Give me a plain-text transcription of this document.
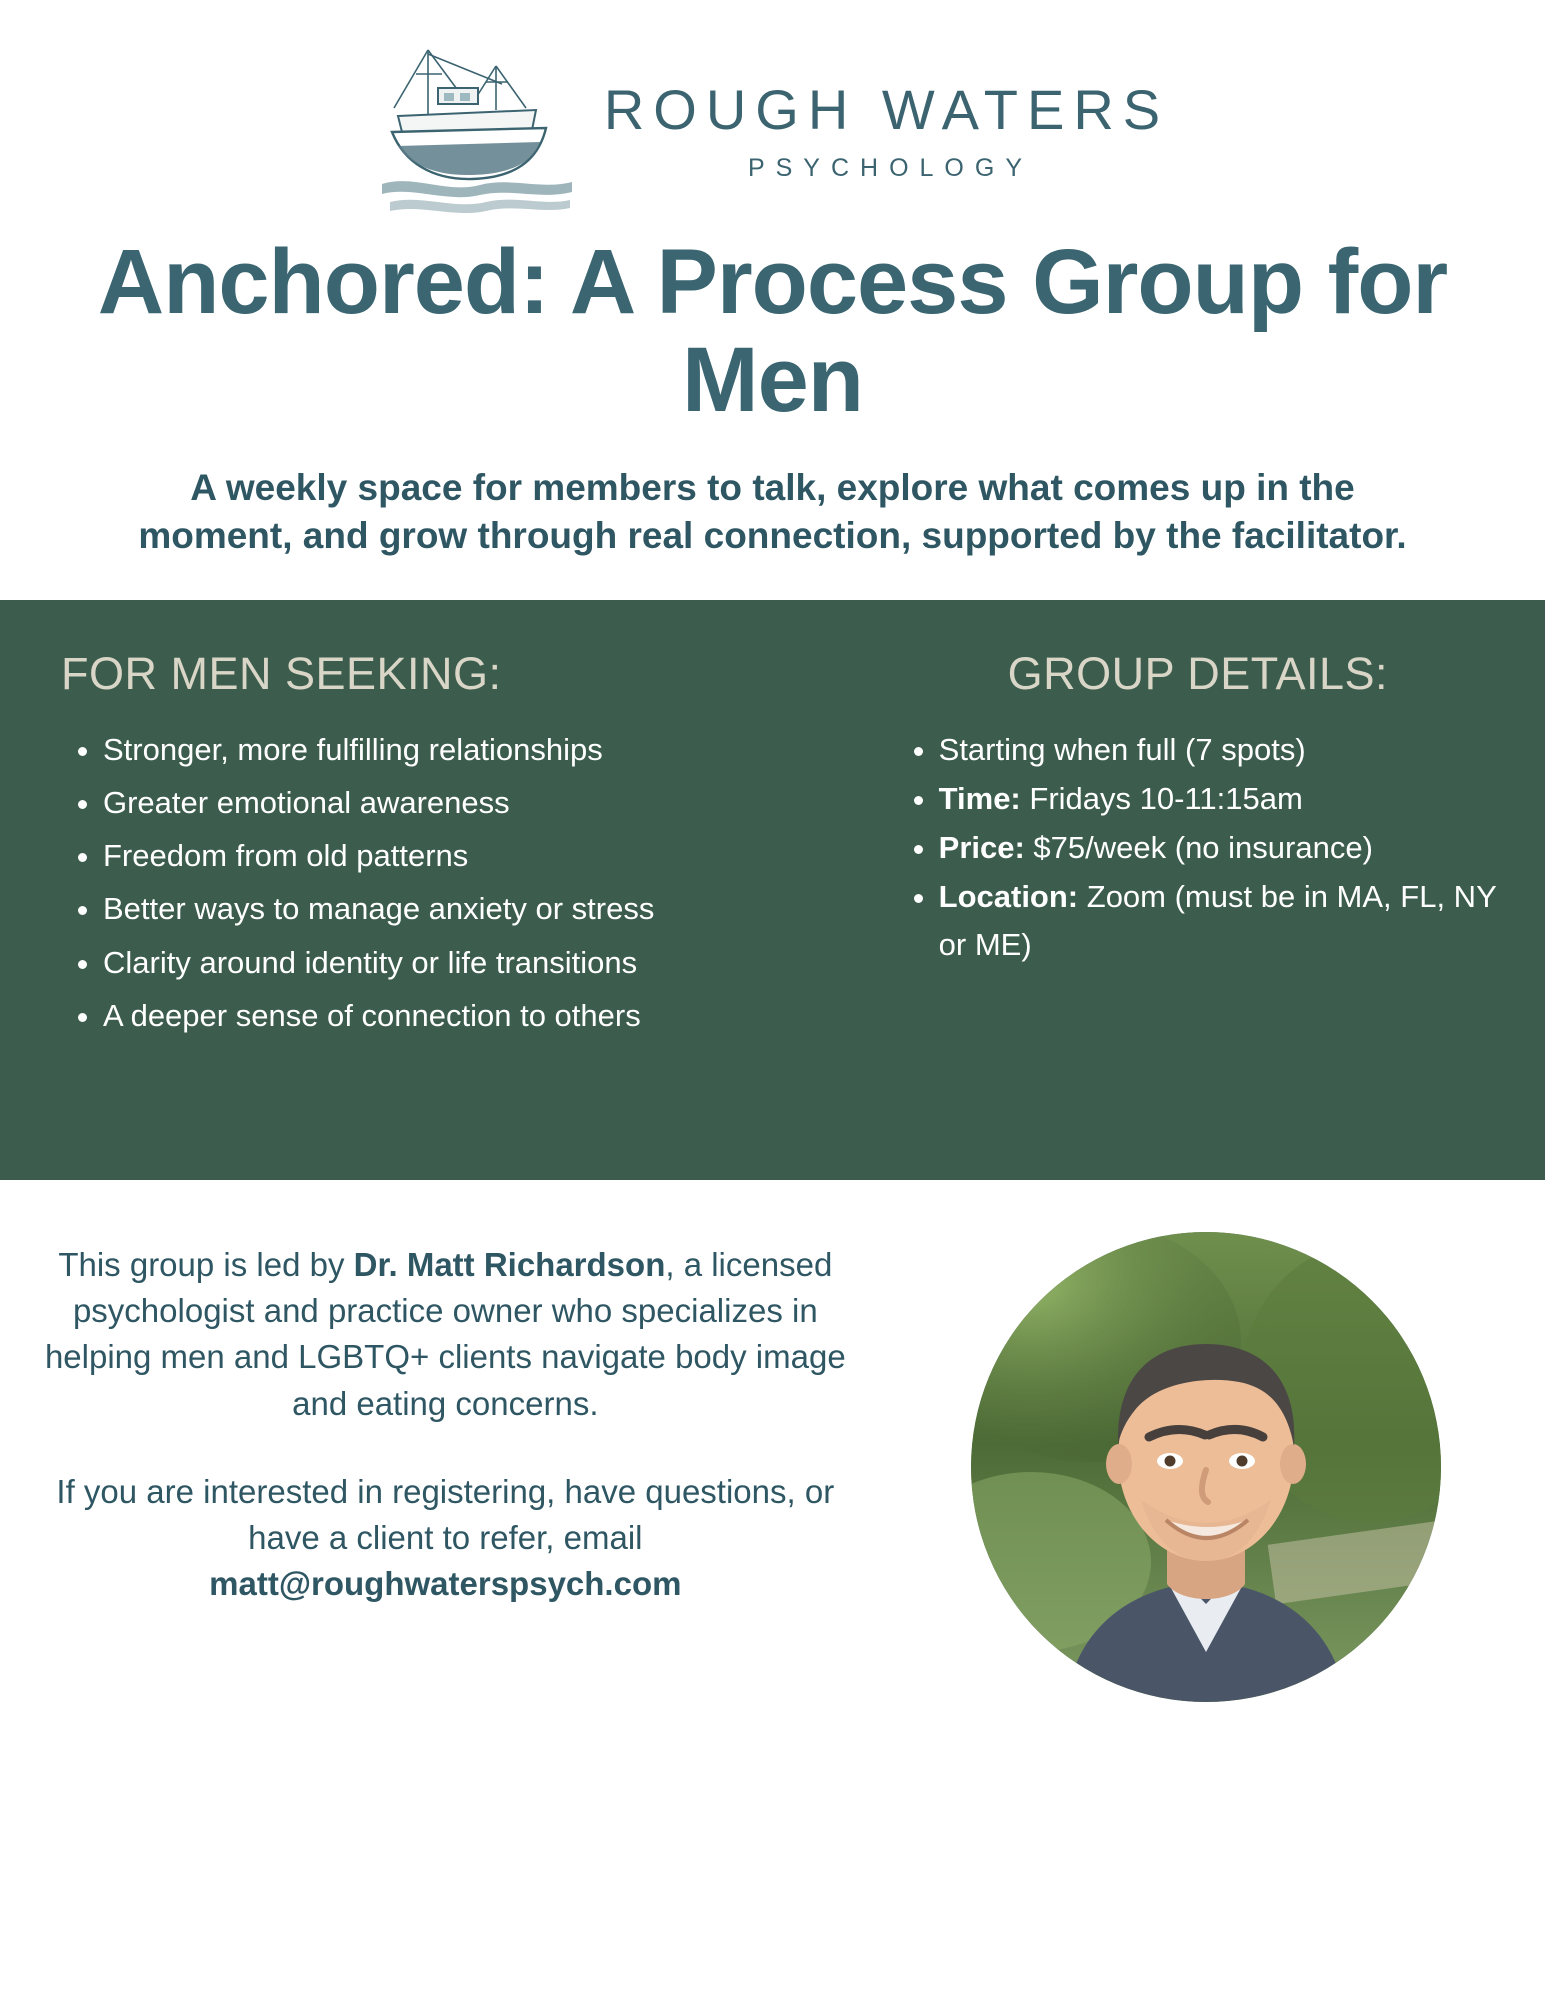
ROUGH WATERS
PSYCHOLOGY
Anchored: A Process Group for Men
A weekly space for members to talk, explore what comes up in the moment, and grow through real connection, supported by the facilitator.
FOR MEN SEEKING:
• Stronger, more fulfilling relationships
• Greater emotional awareness
• Freedom from old patterns
• Better ways to manage anxiety or stress
• Clarity around identity or life transitions
• A deeper sense of connection to others
GROUP DETAILS:
• Starting when full (7 spots)
• Time: Fridays 10-11:15am
• Price: $75/week (no insurance)
• Location: Zoom (must be in MA, FL, NY or ME)

This group is led by Dr. Matt Richardson, a licensed psychologist and practice owner who specializes in helping men and LGBTQ+ clients navigate body image and eating concerns.

If you are interested in registering, have questions, or have a client to refer, email matt@roughwaterspsych.com
